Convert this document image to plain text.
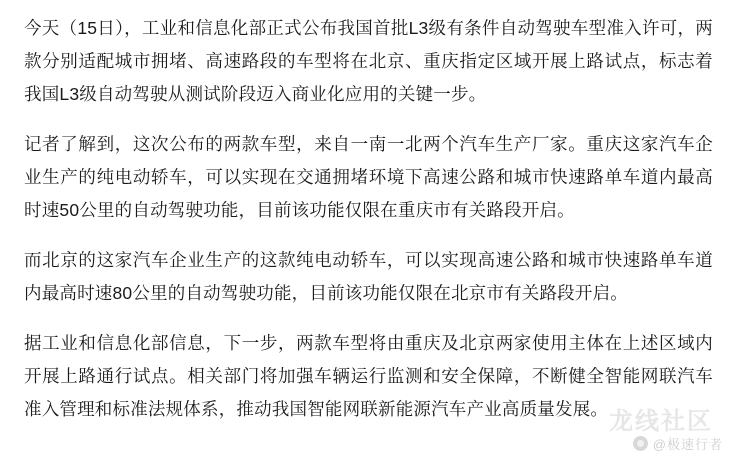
今天（15日），工业和信息化部正式公布我国首批L3级有条件自动驾驶车型准入许可，两款分别适配城市拥堵、高速路段的车型将在北京、重庆指定区域开展上路试点，标志着我国L3级自动驾驶从测试阶段迈入商业化应用的关键一步。

记者了解到，这次公布的两款车型，来自一南一北两个汽车生产厂家。重庆这家汽车企业生产的纯电动轿车，可以实现在交通拥堵环境下高速公路和城市快速路单车道内最高时速50公里的自动驾驶功能，目前该功能仅限在重庆市有关路段开启。

而北京的这家汽车企业生产的这款纯电动轿车，可以实现高速公路和城市快速路单车道内最高时速80公里的自动驾驶功能，目前该功能仅限在北京市有关路段开启。

据工业和信息化部信息，下一步，两款车型将由重庆及北京两家使用主体在上述区域内开展上路通行试点。相关部门将加强车辆运行监测和安全保障，不断健全智能网联汽车准入管理和标准法规体系，推动我国智能网联新能源汽车产业高质量发展。 龙线社区
@极速行者
